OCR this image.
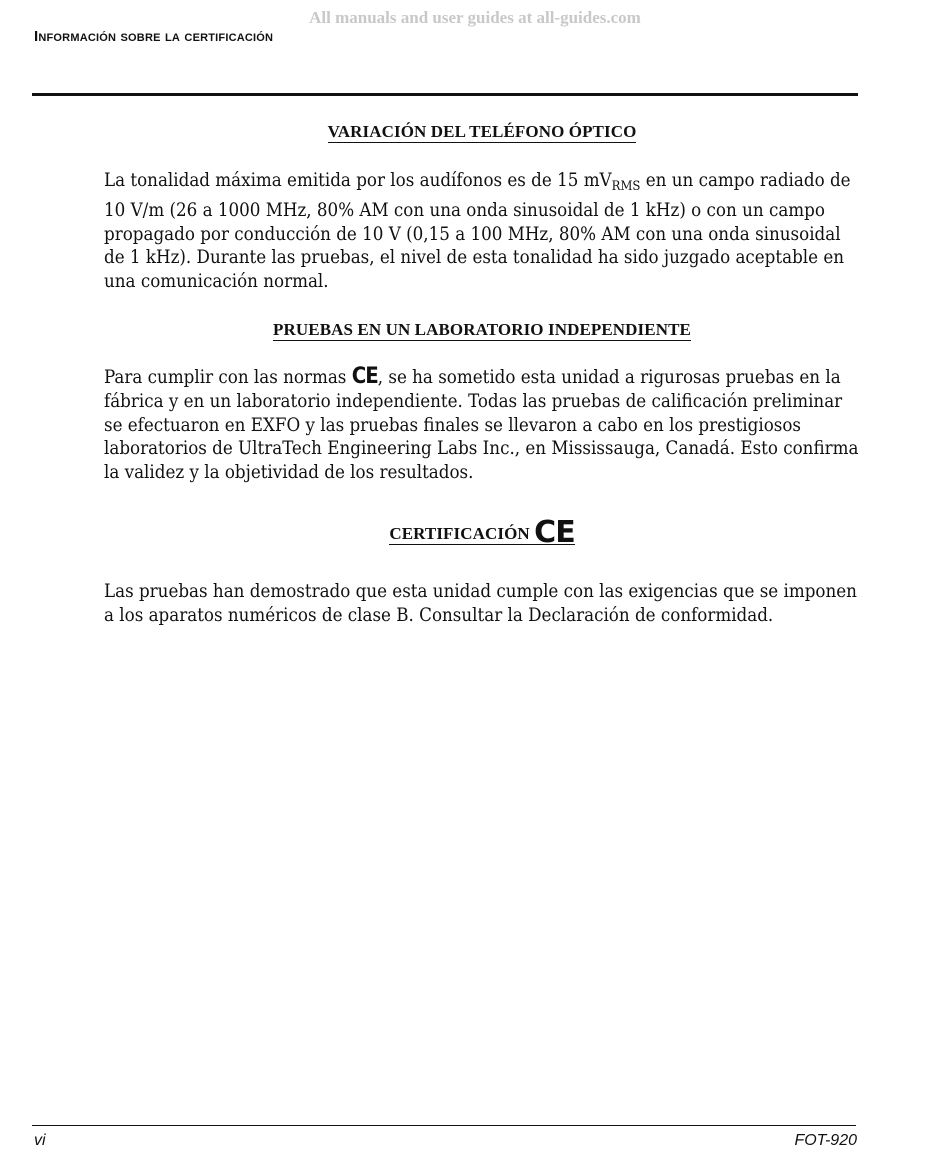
All manuals and user guides at all-guides.com
Información sobre la certificación
VARIACIÓN DEL TELÉFONO ÓPTICO

La tonalidad máxima emitida por los audífonos es de 15 $mV_{RMS}$ en un campo radiado de 10 V/m (26 a 1000 MHz, 80% AM con una onda sinusoidal de 1 kHz) o con un campo propagado por conducción de 10 V (0,15 a 100 MHz, 80% AM con una onda sinusoidal de 1 kHz). Durante las pruebas, el nivel de esta tonalidad ha sido juzgado aceptable en una comunicación normal.

PRUEBAS EN UN LABORATORIO INDEPENDIENTE

Para cumplir con las normas CE, se ha sometido esta unidad a rigurosas pruebas en la fábrica y en un laboratorio independiente. Todas las pruebas de calificación preliminar se efectuaron en EXFO y las pruebas finales se llevaron a cabo en los prestigiosos laboratorios de UltraTech Engineering Labs Inc., en Mississauga, Canadá. Esto confirma la validez y la objetividad de los resultados.

CERTIFICACIÓN CE

Las pruebas han demostrado que esta unidad cumple con las exigencias que se imponen a los aparatos numéricos de clase B. Consultar la Declaración de conformidad.

vi	FOT-920
